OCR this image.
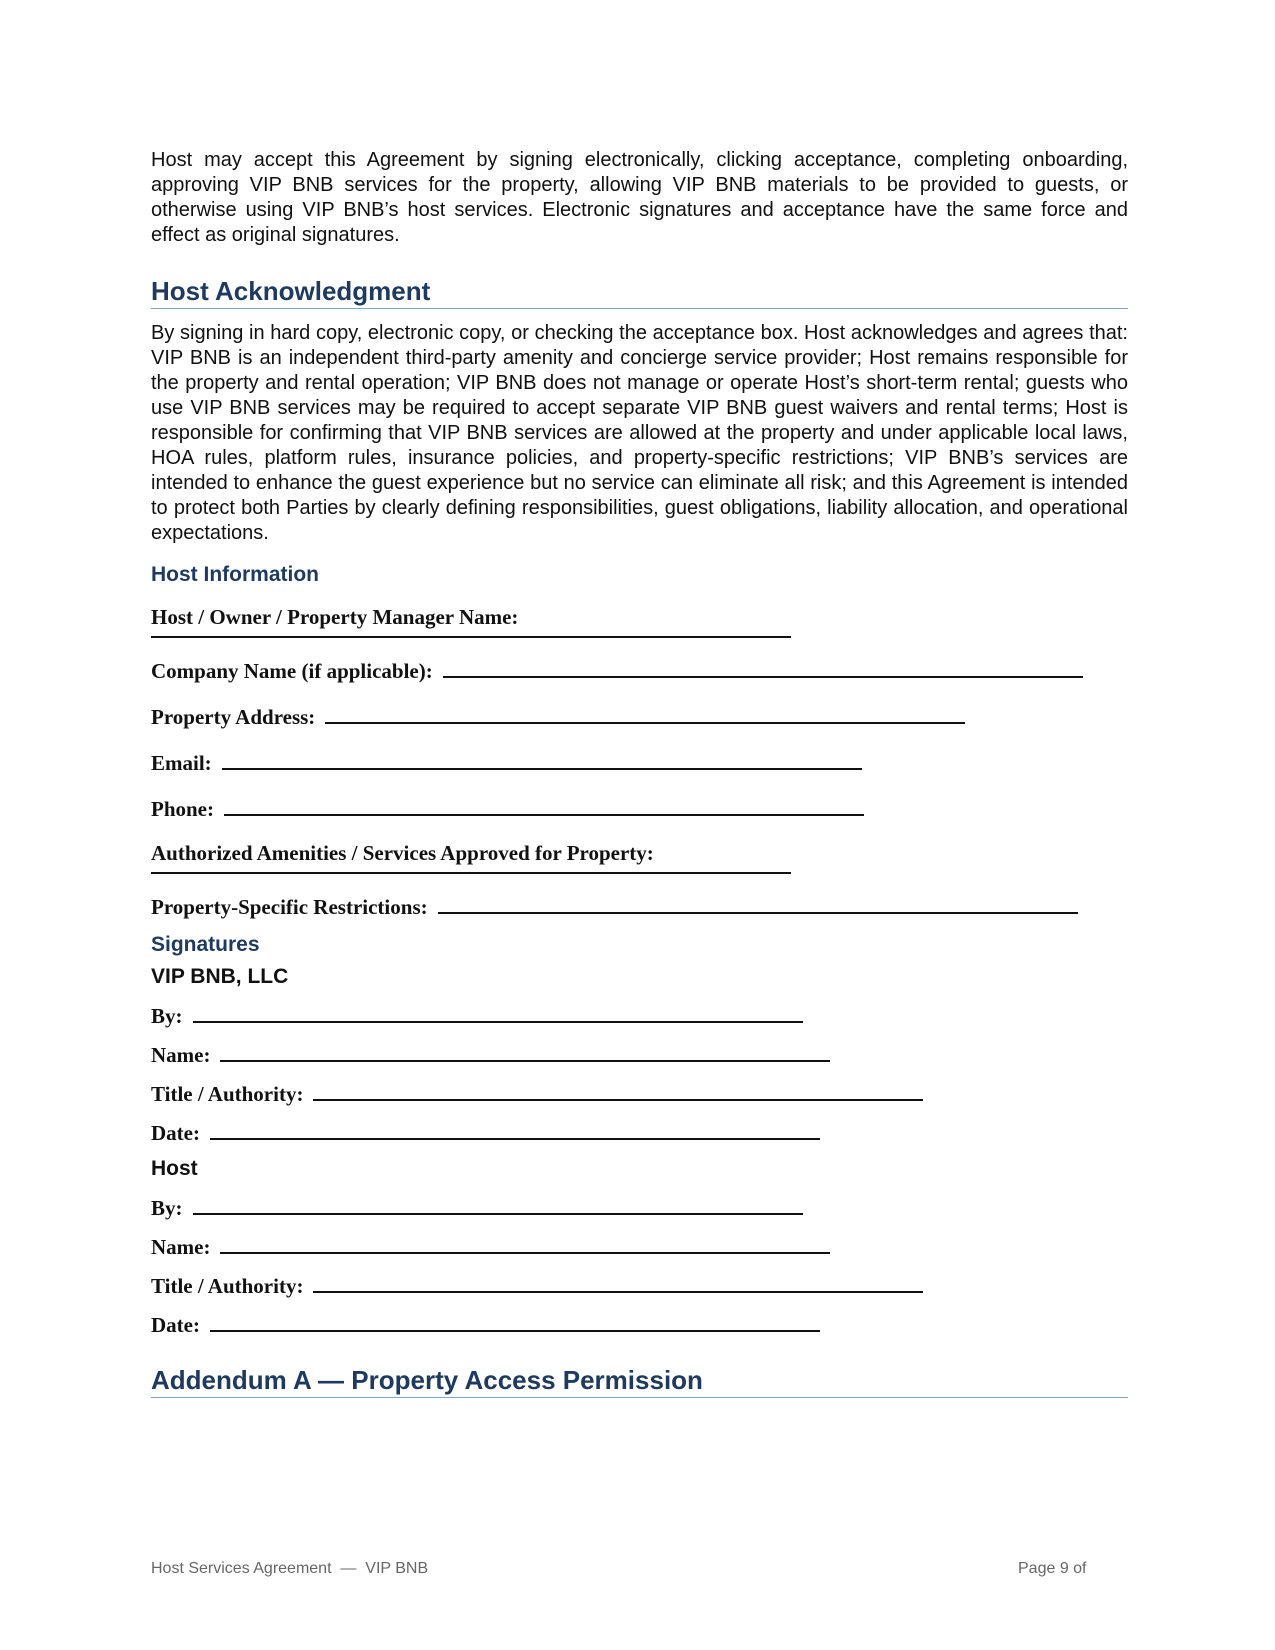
Host may accept this Agreement by signing electronically, clicking acceptance, completing onboarding, approving VIP BNB services for the property, allowing VIP BNB materials to be provided to guests, or otherwise using VIP BNB’s host services. Electronic signatures and acceptance have the same force and effect as original signatures.

Host Acknowledgment

By signing in hard copy, electronic copy, or checking the acceptance box. Host acknowledges and agrees that: VIP BNB is an independent third-party amenity and concierge service provider; Host remains responsible for the property and rental operation; VIP BNB does not manage or operate Host’s short-term rental; guests who use VIP BNB services may be required to accept separate VIP BNB guest waivers and rental terms; Host is responsible for confirming that VIP BNB services are allowed at the property and under applicable local laws, HOA rules, platform rules, insurance policies, and property-specific restrictions; VIP BNB’s services are intended to enhance the guest experience but no service can eliminate all risk; and this Agreement is intended to protect both Parties by clearly defining responsibilities, guest obligations, liability allocation, and operational expectations.

Host Information

Host / Owner / Property Manager Name:

Company Name (if applicable):
Property Address:
Email:
Phone:

Authorized Amenities / Services Approved for Property:

Property-Specific Restrictions:
Signatures
VIP BNB, LLC
By:
Name:
Title / Authority:
Date:
Host
By:
Name:
Title / Authority:
Date:
Addendum A — Property Access Permission
Host Services Agreement  —  VIP BNB	Page 9 of
